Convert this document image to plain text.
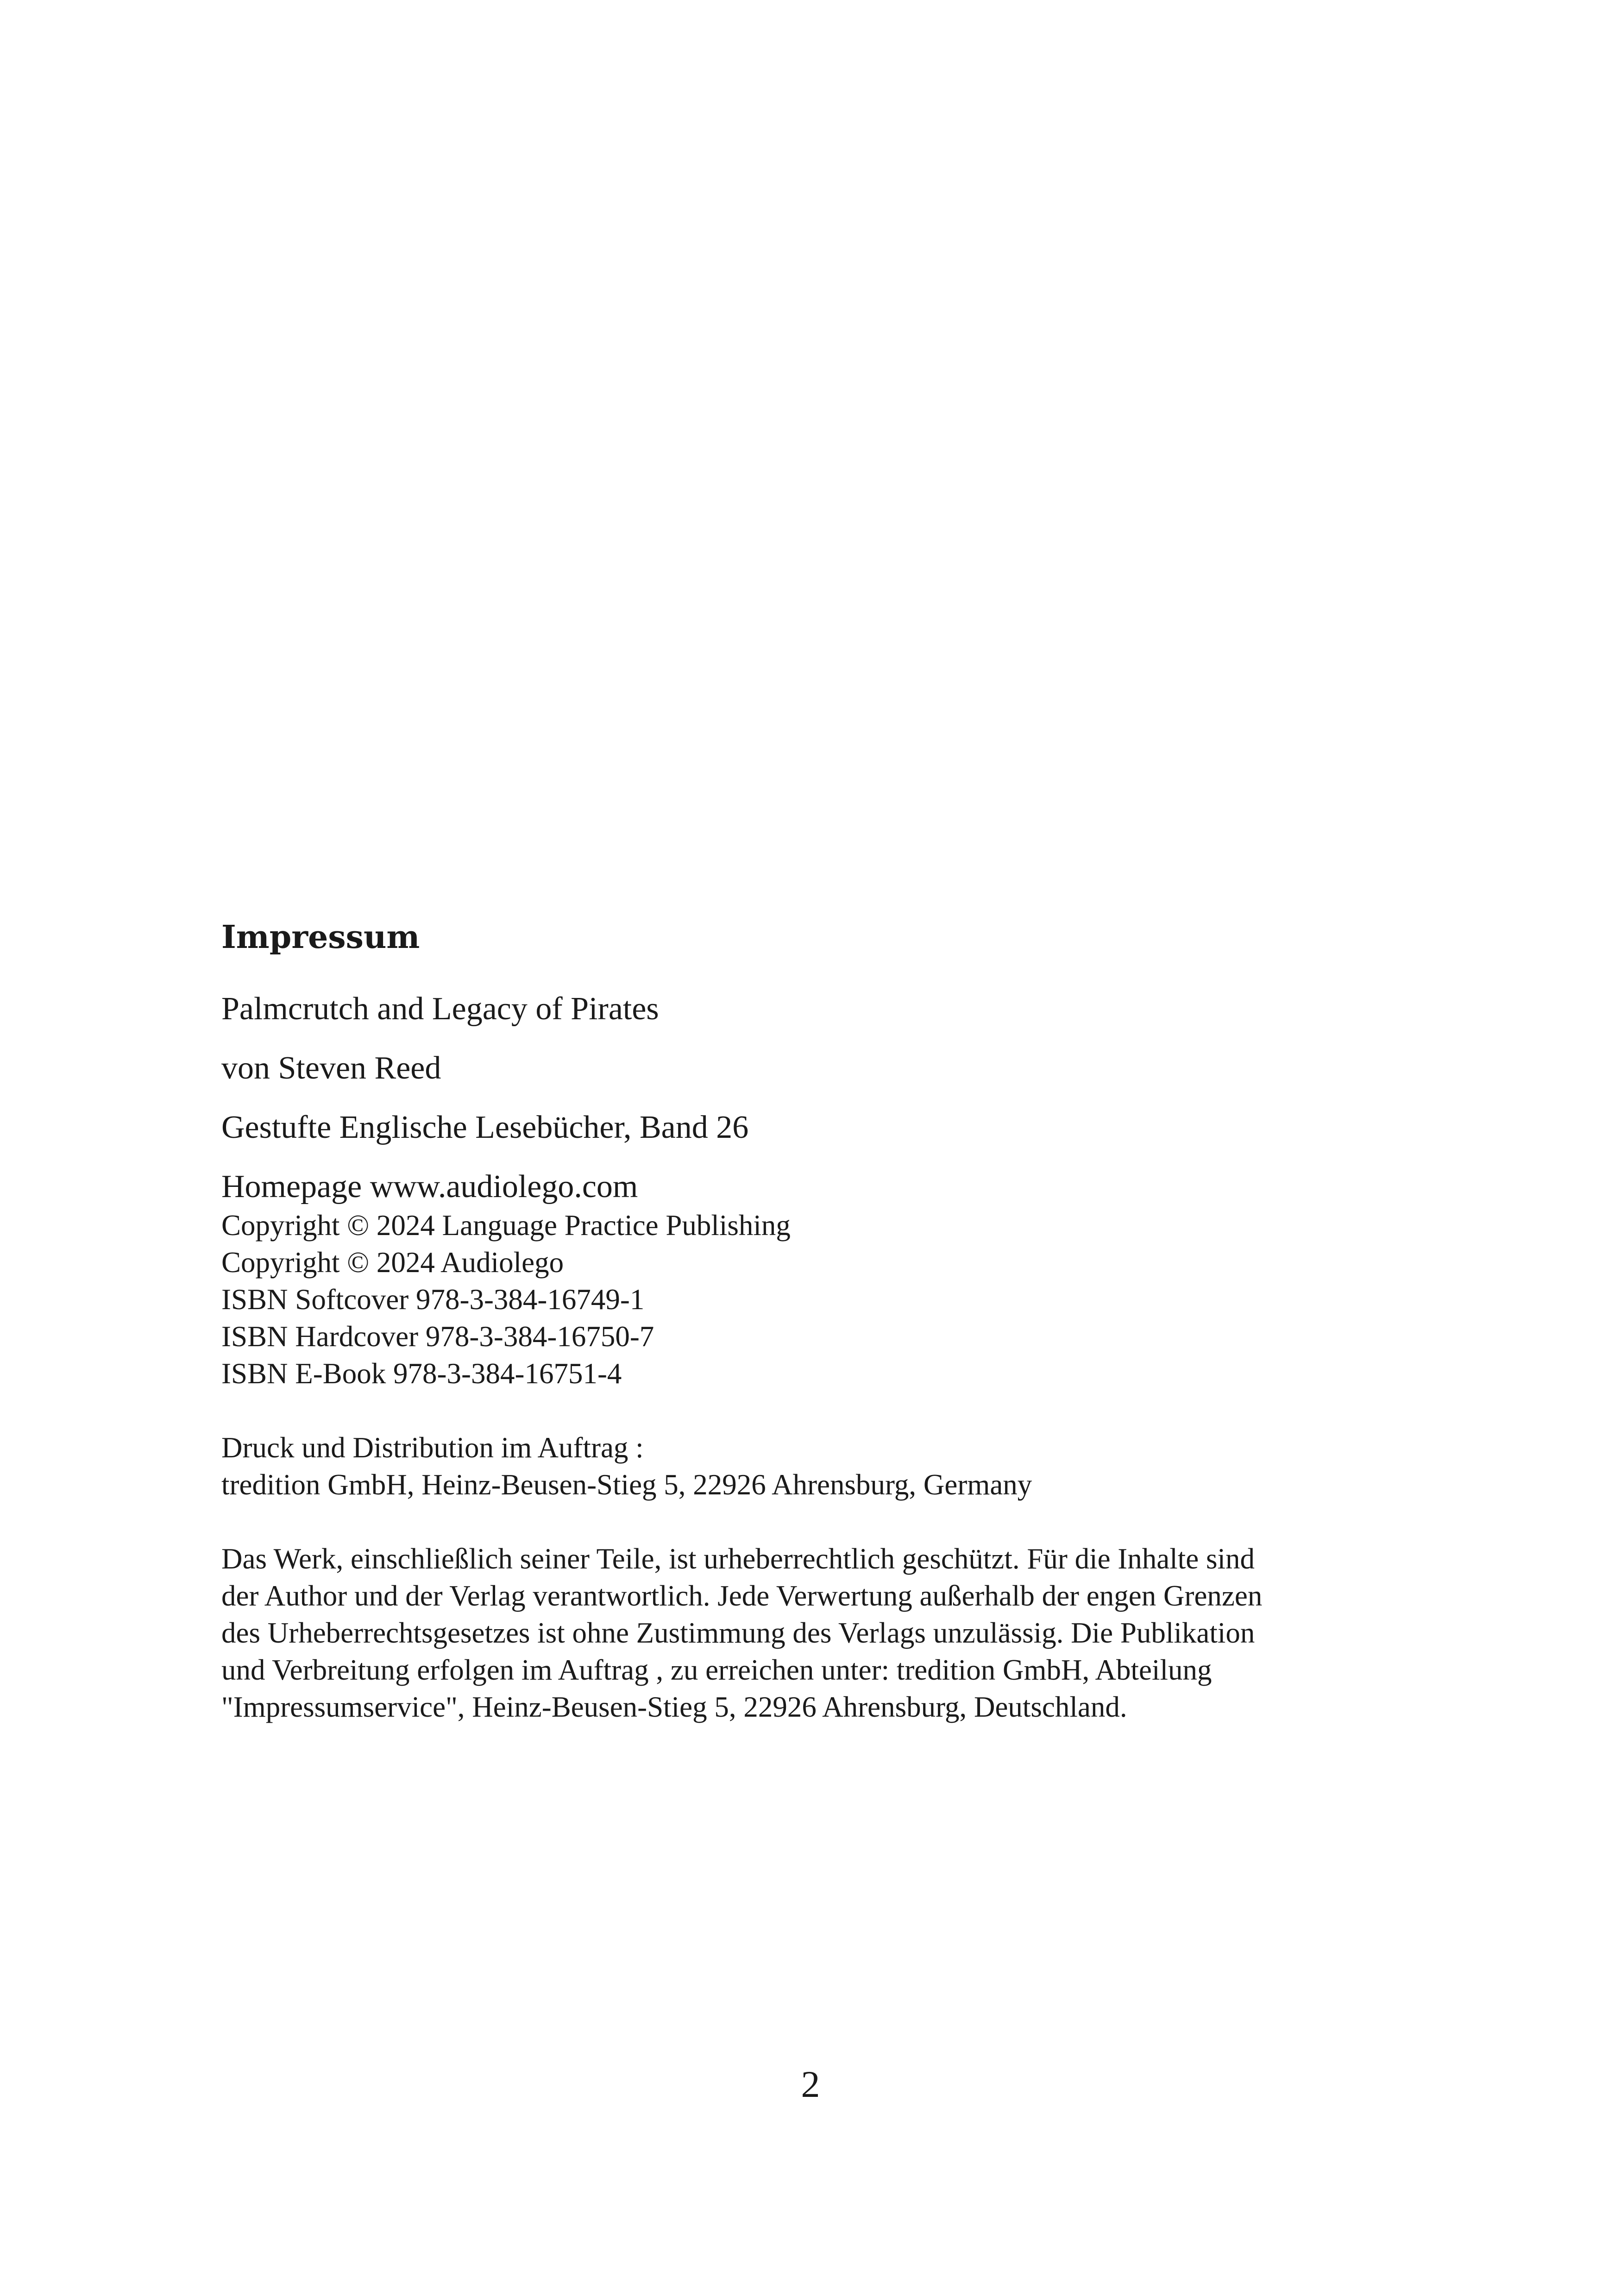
Impressum

Palmcrutch and Legacy of Pirates

von Steven Reed

Gestufte Englische Lesebücher, Band 26

Homepage www.audiolego.com

Copyright © 2024 Language Practice Publishing
Copyright © 2024 Audiolego
ISBN Softcover 978-3-384-16749-1
ISBN Hardcover 978-3-384-16750-7
ISBN E-Book 978-3-384-16751-4
Druck und Distribution im Auftrag :
tredition GmbH, Heinz-Beusen-Stieg 5, 22926 Ahrensburg, Germany
Das Werk, einschließlich seiner Teile, ist urheberrechtlich geschützt. Für die Inhalte sind
der Author und der Verlag verantwortlich. Jede Verwertung außerhalb der engen Grenzen
des Urheberrechtsgesetzes ist ohne Zustimmung des Verlags unzulässig. Die Publikation
und Verbreitung erfolgen im Auftrag , zu erreichen unter: tredition GmbH, Abteilung
"Impressumservice", Heinz-Beusen-Stieg 5, 22926 Ahrensburg, Deutschland.
2
